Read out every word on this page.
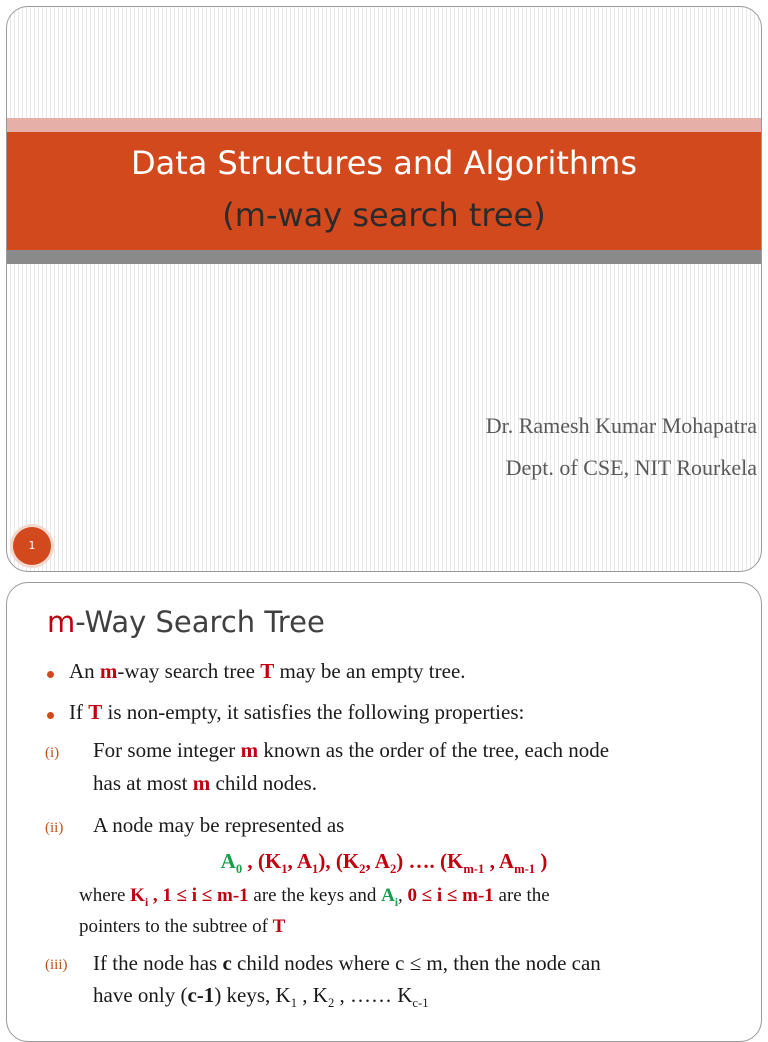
Data Structures and Algorithms
(m-way search tree)
Dr. Ramesh Kumar Mohapatra
Dept. of CSE, NIT Rourkela
1
m-Way Search Tree
An m-way search tree T may be an empty tree.
If T is non-empty, it satisfies the following properties:
(i) For some integer m known as the order of the tree, each node
has at most m child nodes.
(ii) A node may be represented as
$A_0$ , ($K_1$, $A_1$), ($K_2$, $A_2$) …. ($K_{m-1}$ , $A_{m-1}$ )
where $K_i$ , 1 ≤ i ≤ m-1 are the keys and $A_i$, 0 ≤ i ≤ m-1 are the
pointers to the subtree of T
(iii) If the node has c child nodes where c ≤ m, then the node can
have only (c-1) keys, $K_1$ , $K_2$ , …… $K_{c-1}$
